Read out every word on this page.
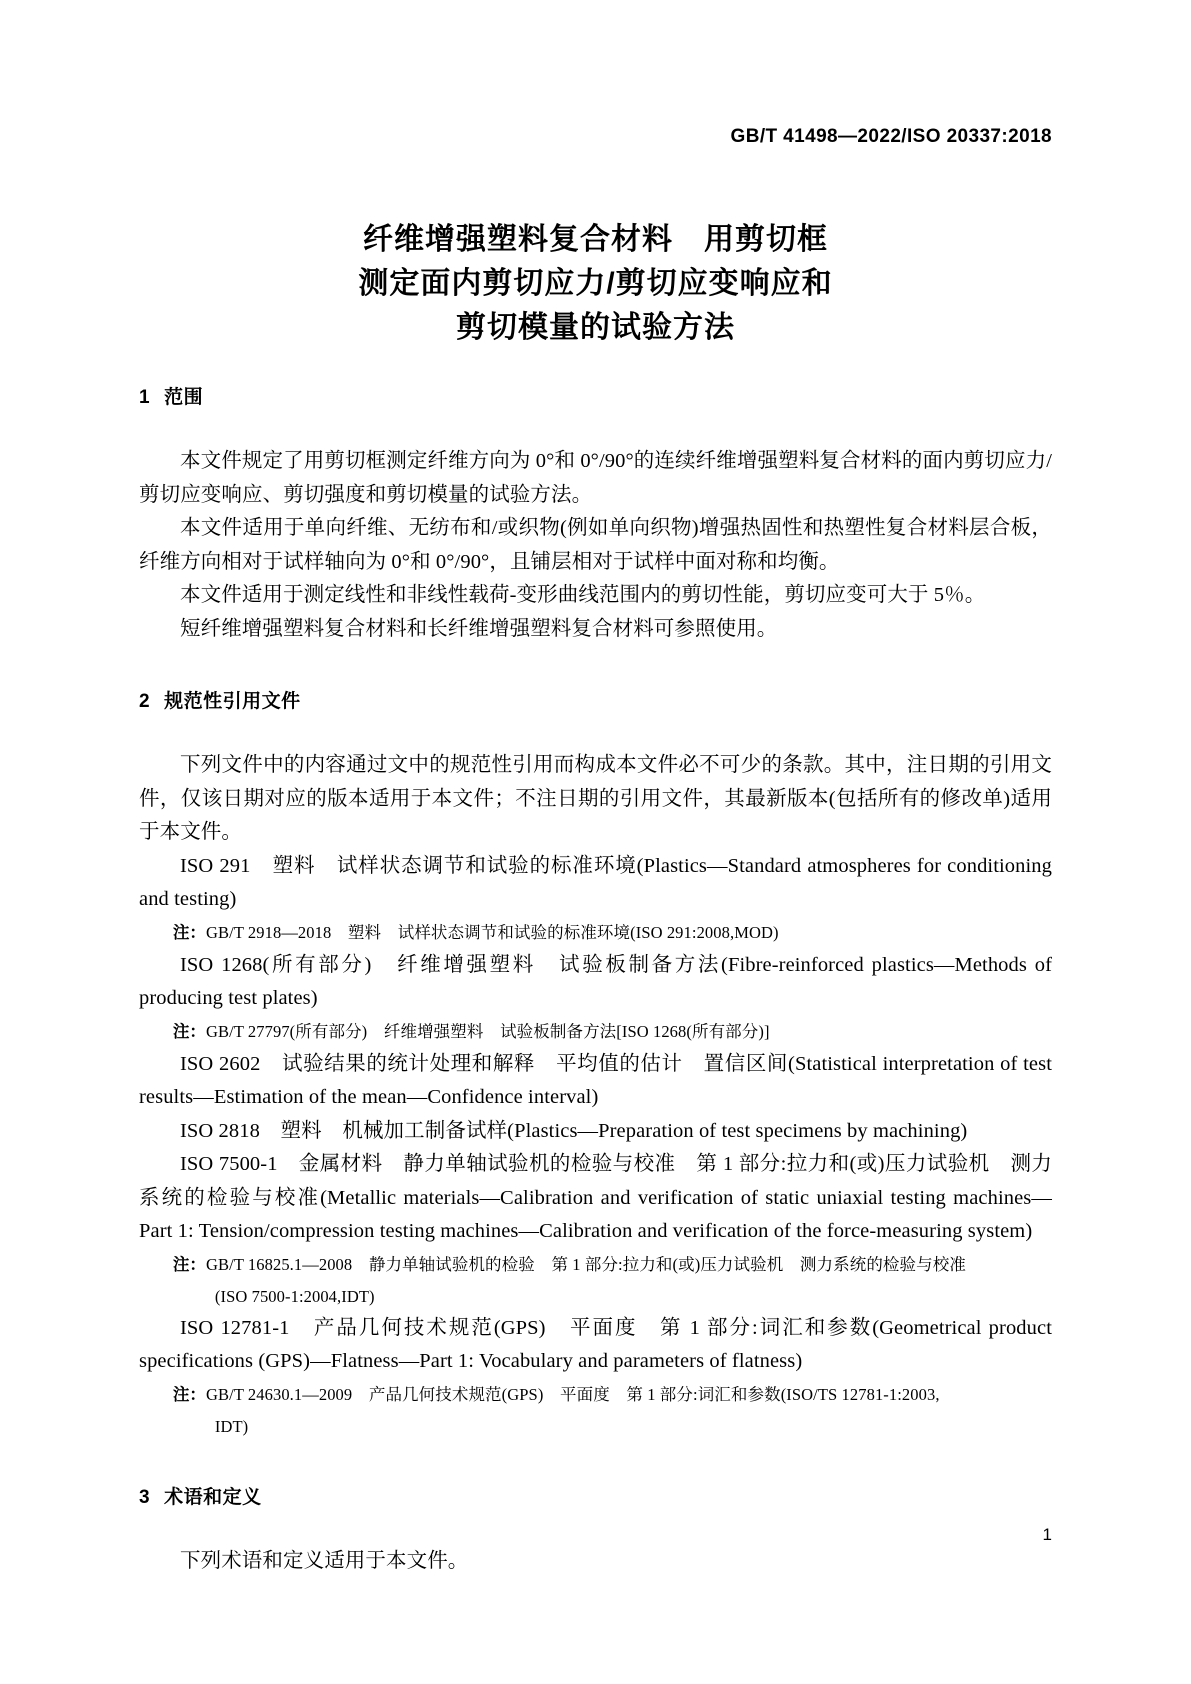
GB/T 41498—2022/ISO 20337:2018
纤维增强塑料复合材料　用剪切框
测定面内剪切应力/剪切应变响应和
剪切模量的试验方法
1 范围

本文件规定了用剪切框测定纤维方向为 0°和 0°/90°的连续纤维增强塑料复合材料的面内剪切应力/剪切应变响应、剪切强度和剪切模量的试验方法。

本文件适用于单向纤维、无纺布和/或织物(例如单向织物)增强热固性和热塑性复合材料层合板，纤维方向相对于试样轴向为 0°和 0°/90°，且铺层相对于试样中面对称和均衡。

本文件适用于测定线性和非线性载荷-变形曲线范围内的剪切性能，剪切应变可大于 5％。

短纤维增强塑料复合材料和长纤维增强塑料复合材料可参照使用。

2 规范性引用文件

下列文件中的内容通过文中的规范性引用而构成本文件必不可少的条款。其中，注日期的引用文件，仅该日期对应的版本适用于本文件；不注日期的引用文件，其最新版本(包括所有的修改单)适用于本文件。

ISO 291　塑料　试样状态调节和试验的标准环境(Plastics—Standard atmospheres for conditioning and testing)

注：GB/T 2918—2018　塑料　试样状态调节和试验的标准环境(ISO 291:2008,MOD)

ISO 1268(所有部分)　纤维增强塑料　试验板制备方法(Fibre-reinforced plastics—Methods of producing test plates)

注：GB/T 27797(所有部分)　纤维增强塑料　试验板制备方法[ISO 1268(所有部分)]

ISO 2602　试验结果的统计处理和解释　平均值的估计　置信区间(Statistical interpretation of test results—Estimation of the mean—Confidence interval)

ISO 2818　塑料　机械加工制备试样(Plastics—Preparation of test specimens by machining)

ISO 7500-1　金属材料　静力单轴试验机的检验与校准　第 1 部分:拉力和(或)压力试验机　测力系统的检验与校准(Metallic materials—Calibration and verification of static uniaxial testing machines—Part 1: Tension/compression testing machines—Calibration and verification of the force-measuring system)

注：GB/T 16825.1—2008　静力单轴试验机的检验　第 1 部分:拉力和(或)压力试验机　测力系统的检验与校准

(ISO 7500-1:2004,IDT)

ISO 12781-1　产品几何技术规范(GPS)　平面度　第 1 部分:词汇和参数(Geometrical product specifications (GPS)—Flatness—Part 1: Vocabulary and parameters of flatness)

注：GB/T 24630.1—2009　产品几何技术规范(GPS)　平面度　第 1 部分:词汇和参数(ISO/TS 12781-1:2003,

IDT)

3 术语和定义

下列术语和定义适用于本文件。

1
